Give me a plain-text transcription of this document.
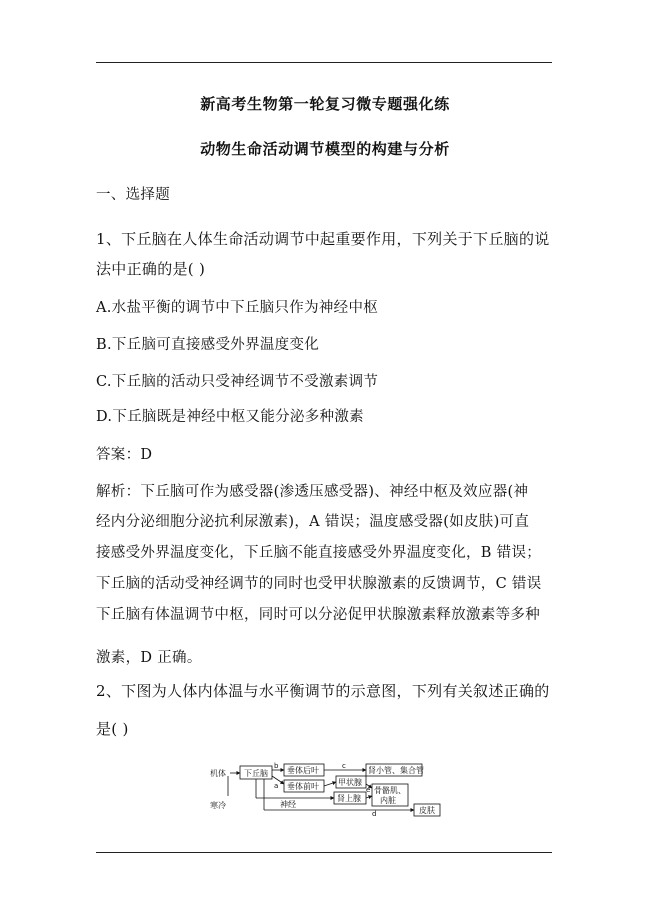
新高考生物第一轮复习微专题强化练
动物生命活动调节模型的构建与分析
一、选择题
1、下丘脑在人体生命活动调节中起重要作用，下列关于下丘脑的说
法中正确的是( )
A.水盐平衡的调节中下丘脑只作为神经中枢
B.下丘脑可直接感受外界温度变化
C.下丘脑的活动只受神经调节不受激素调节
D.下丘脑既是神经中枢又能分泌多种激素
答案：D
解析：下丘脑可作为感受器(渗透压感受器)、神经中枢及效应器(神
经内分泌细胞分泌抗利尿激素)，A 错误；温度感受器(如皮肤)可直
接感受外界温度变化，下丘脑不能直接感受外界温度变化，B 错误；
下丘脑的活动受神经调节的同时也受甲状腺激素的反馈调节，C 错误
下丘脑有体温调节中枢，同时可以分泌促甲状腺激素释放激素等多种
激素，D 正确。
2、下图为人体内体温与水平衡调节的示意图，下列有关叙述正确的
是( )
机体
寒冷
下丘脑
b
a
垂体后叶
垂体前叶
c	肾小管、集合管
甲状腺
骨骼肌、
内脏
神经
肾上腺
e
d	皮肤
